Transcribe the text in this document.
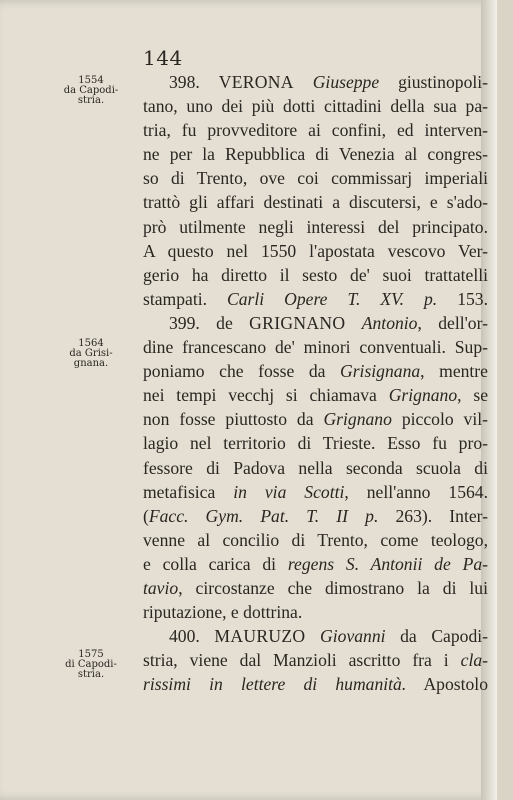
144
1554
da Capodi-
stria.
1564
da Grisi-
gnana.
1575
di Capodi-
stria.
398. VERONA Giuseppe giustinopoli-
tano, uno dei più dotti cittadini della sua pa-
tria, fu provveditore ai confini, ed interven-
ne per la Repubblica di Venezia al congres-
so di Trento, ove coi commissarj imperiali
trattò gli affari destinati a discutersi, e s'ado-
prò utilmente negli interessi del principato.
A questo nel 1550 l'apostata vescovo Ver-
gerio ha diretto il sesto de' suoi trattatelli
stampati. Carli Opere T. XV. p. 153.
399. de GRIGNANO Antonio, dell'or-
dine francescano de' minori conventuali. Sup-
poniamo che fosse da Grisignana, mentre
nei tempi vecchj si chiamava Grignano, se
non fosse piuttosto da Grignano piccolo vil-
lagio nel territorio di Trieste. Esso fu pro-
fessore di Padova nella seconda scuola di
metafisica in via Scotti, nell'anno 1564.
(Facc. Gym. Pat. T. II p. 263). Inter-
venne al concilio di Trento, come teologo,
e colla carica di regens S. Antonii de Pa-
tavio, circostanze che dimostrano la di lui
riputazione, e dottrina.
400. MAURUZO Giovanni da Capodi-
stria, viene dal Manzioli ascritto fra i cla-
rissimi in lettere di humanità. Apostolo
